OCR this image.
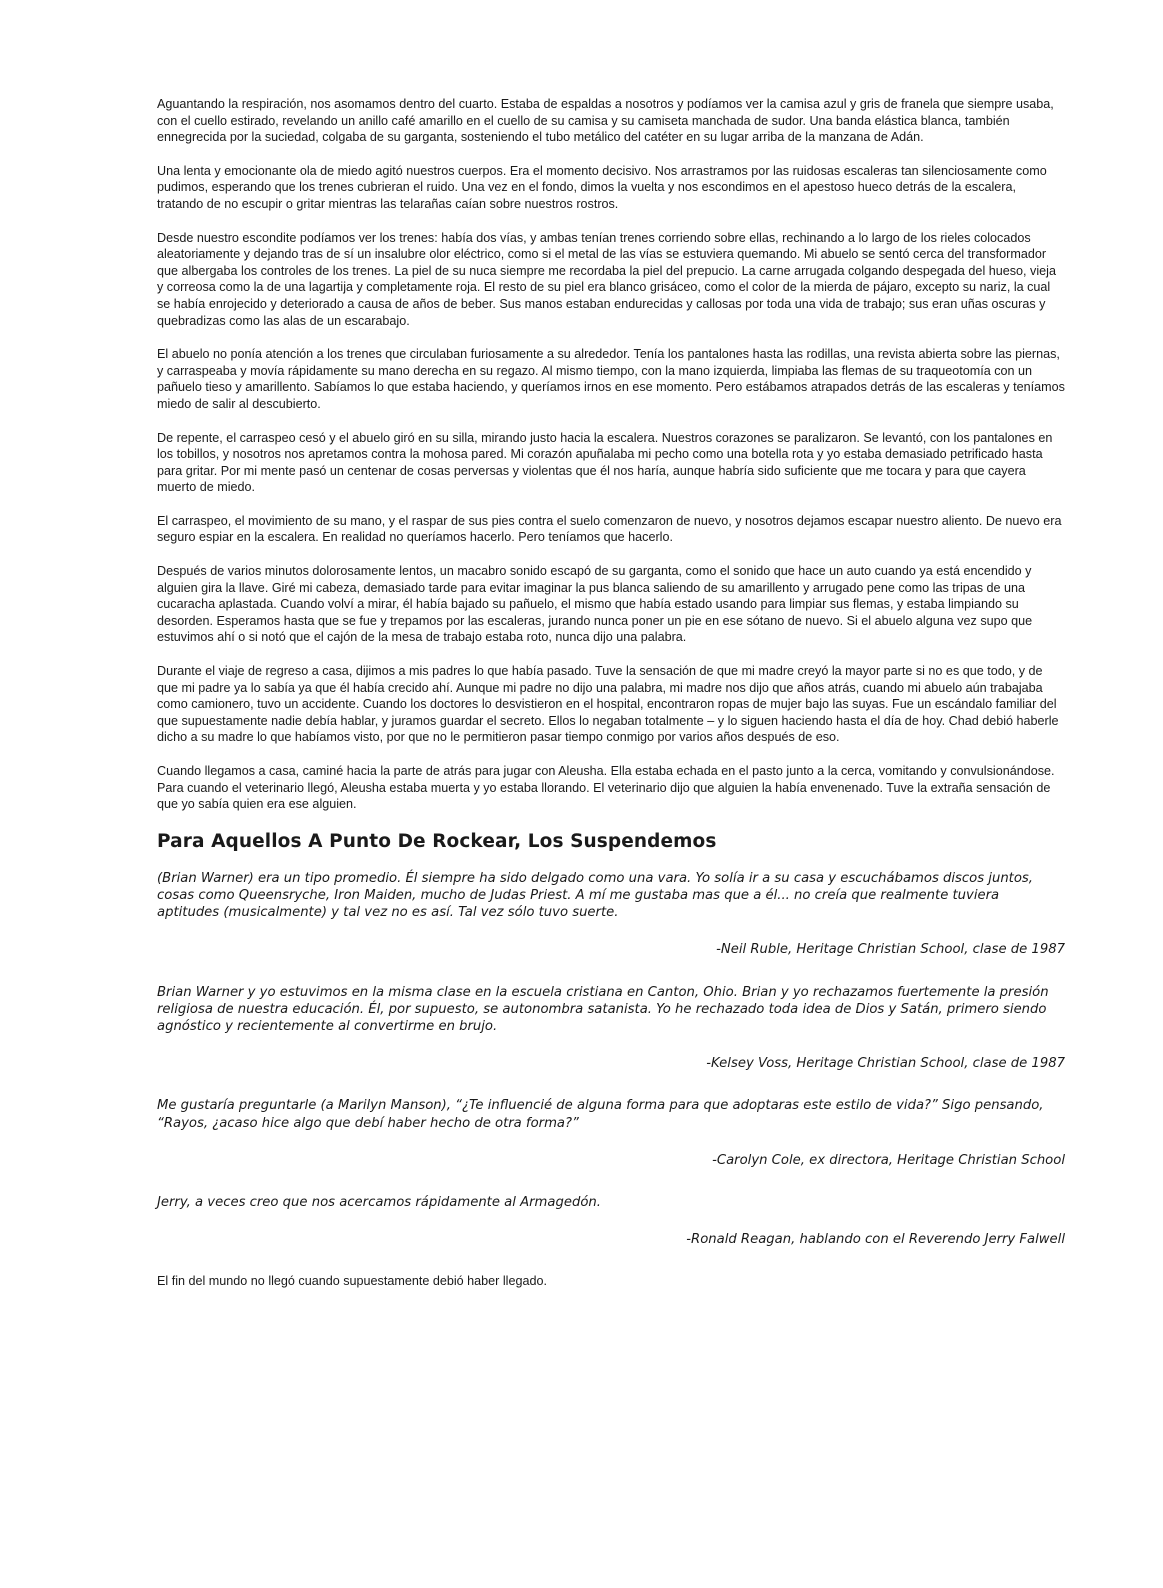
Aguantando la respiración, nos asomamos dentro del cuarto. Estaba de espaldas a nosotros y podíamos ver la camisa azul y gris de franela que siempre usaba, con el cuello estirado, revelando un anillo café amarillo en el cuello de su camisa y su camiseta manchada de sudor. Una banda elástica blanca, también ennegrecida por la suciedad, colgaba de su garganta, sosteniendo el tubo metálico del catéter en su lugar arriba de la manzana de Adán.

Una lenta y emocionante ola de miedo agitó nuestros cuerpos. Era el momento decisivo. Nos arrastramos por las ruidosas escaleras tan silenciosamente como pudimos, esperando que los trenes cubrieran el ruido. Una vez en el fondo, dimos la vuelta y nos escondimos en el apestoso hueco detrás de la escalera, tratando de no escupir o gritar mientras las telarañas caían sobre nuestros rostros.

Desde nuestro escondite podíamos ver los trenes: había dos vías, y ambas tenían trenes corriendo sobre ellas, rechinando a lo largo de los rieles colocados aleatoriamente y dejando tras de sí un insalubre olor eléctrico, como si el metal de las vías se estuviera quemando. Mi abuelo se sentó cerca del transformador que albergaba los controles de los trenes. La piel de su nuca siempre me recordaba la piel del prepucio. La carne arrugada colgando despegada del hueso, vieja y correosa como la de una lagartija y completamente roja. El resto de su piel era blanco grisáceo, como el color de la mierda de pájaro, excepto su nariz, la cual se había enrojecido y deteriorado a causa de años de beber. Sus manos estaban endurecidas y callosas por toda una vida de trabajo; sus eran uñas oscuras y quebradizas como las alas de un escarabajo.

El abuelo no ponía atención a los trenes que circulaban furiosamente a su alrededor. Tenía los pantalones hasta las rodillas, una revista abierta sobre las piernas, y carraspeaba y movía rápidamente su mano derecha en su regazo. Al mismo tiempo, con la mano izquierda, limpiaba las flemas de su traqueotomía con un pañuelo tieso y amarillento. Sabíamos lo que estaba haciendo, y queríamos irnos en ese momento. Pero estábamos atrapados detrás de las escaleras y teníamos miedo de salir al descubierto.

De repente, el carraspeo cesó y el abuelo giró en su silla, mirando justo hacia la escalera. Nuestros corazones se paralizaron. Se levantó, con los pantalones en los tobillos, y nosotros nos apretamos contra la mohosa pared. Mi corazón apuñalaba mi pecho como una botella rota y yo estaba demasiado petrificado hasta para gritar. Por mi mente pasó un centenar de cosas perversas y violentas que él nos haría, aunque habría sido suficiente que me tocara y para que cayera muerto de miedo.

El carraspeo, el movimiento de su mano, y el raspar de sus pies contra el suelo comenzaron de nuevo, y nosotros dejamos escapar nuestro aliento. De nuevo era seguro espiar en la escalera. En realidad no queríamos hacerlo. Pero teníamos que hacerlo.

Después de varios minutos dolorosamente lentos, un macabro sonido escapó de su garganta, como el sonido que hace un auto cuando ya está encendido y alguien gira la llave. Giré mi cabeza, demasiado tarde para evitar imaginar la pus blanca saliendo de su amarillento y arrugado pene como las tripas de una cucaracha aplastada. Cuando volví a mirar, él había bajado su pañuelo, el mismo que había estado usando para limpiar sus flemas, y estaba limpiando su desorden. Esperamos hasta que se fue y trepamos por las escaleras, jurando nunca poner un pie en ese sótano de nuevo. Si el abuelo alguna vez supo que estuvimos ahí o si notó que el cajón de la mesa de trabajo estaba roto, nunca dijo una palabra.

Durante el viaje de regreso a casa, dijimos a mis padres lo que había pasado. Tuve la sensación de que mi madre creyó la mayor parte si no es que todo, y de que mi padre ya lo sabía ya que él había crecido ahí. Aunque mi padre no dijo una palabra, mi madre nos dijo que años atrás, cuando mi abuelo aún trabajaba como camionero, tuvo un accidente. Cuando los doctores lo desvistieron en el hospital, encontraron ropas de mujer bajo las suyas. Fue un escándalo familiar del que supuestamente nadie debía hablar, y juramos guardar el secreto. Ellos lo negaban totalmente – y lo siguen haciendo hasta el día de hoy. Chad debió haberle dicho a su madre lo que habíamos visto, por que no le permitieron pasar tiempo conmigo por varios años después de eso.

Cuando llegamos a casa, caminé hacia la parte de atrás para jugar con Aleusha. Ella estaba echada en el pasto junto a la cerca, vomitando y convulsionándose. Para cuando el veterinario llegó, Aleusha estaba muerta y yo estaba llorando. El veterinario dijo que alguien la había envenenado. Tuve la extraña sensación de que yo sabía quien era ese alguien.

Para Aquellos A Punto De Rockear, Los Suspendemos

(Brian Warner) era un tipo promedio. Él siempre ha sido delgado como una vara. Yo solía ir a su casa y escuchábamos discos juntos, cosas como Queensryche, Iron Maiden, mucho de Judas Priest. A mí me gustaba mas que a él... no creía que realmente tuviera aptitudes (musicalmente) y tal vez no es así. Tal vez sólo tuvo suerte.

-Neil Ruble, Heritage Christian School, clase de 1987

Brian Warner y yo estuvimos en la misma clase en la escuela cristiana en Canton, Ohio. Brian y yo rechazamos fuertemente la presión religiosa de nuestra educación. Él, por supuesto, se autonombra satanista. Yo he rechazado toda idea de Dios y Satán, primero siendo agnóstico y recientemente al convertirme en brujo.

-Kelsey Voss, Heritage Christian School, clase de 1987

Me gustaría preguntarle (a Marilyn Manson), “¿Te influencié de alguna forma para que adoptaras este estilo de vida?” Sigo pensando, “Rayos, ¿acaso hice algo que debí haber hecho de otra forma?”

-Carolyn Cole, ex directora, Heritage Christian School

Jerry, a veces creo que nos acercamos rápidamente al Armagedón.

-Ronald Reagan, hablando con el Reverendo Jerry Falwell

El fin del mundo no llegó cuando supuestamente debió haber llegado.
